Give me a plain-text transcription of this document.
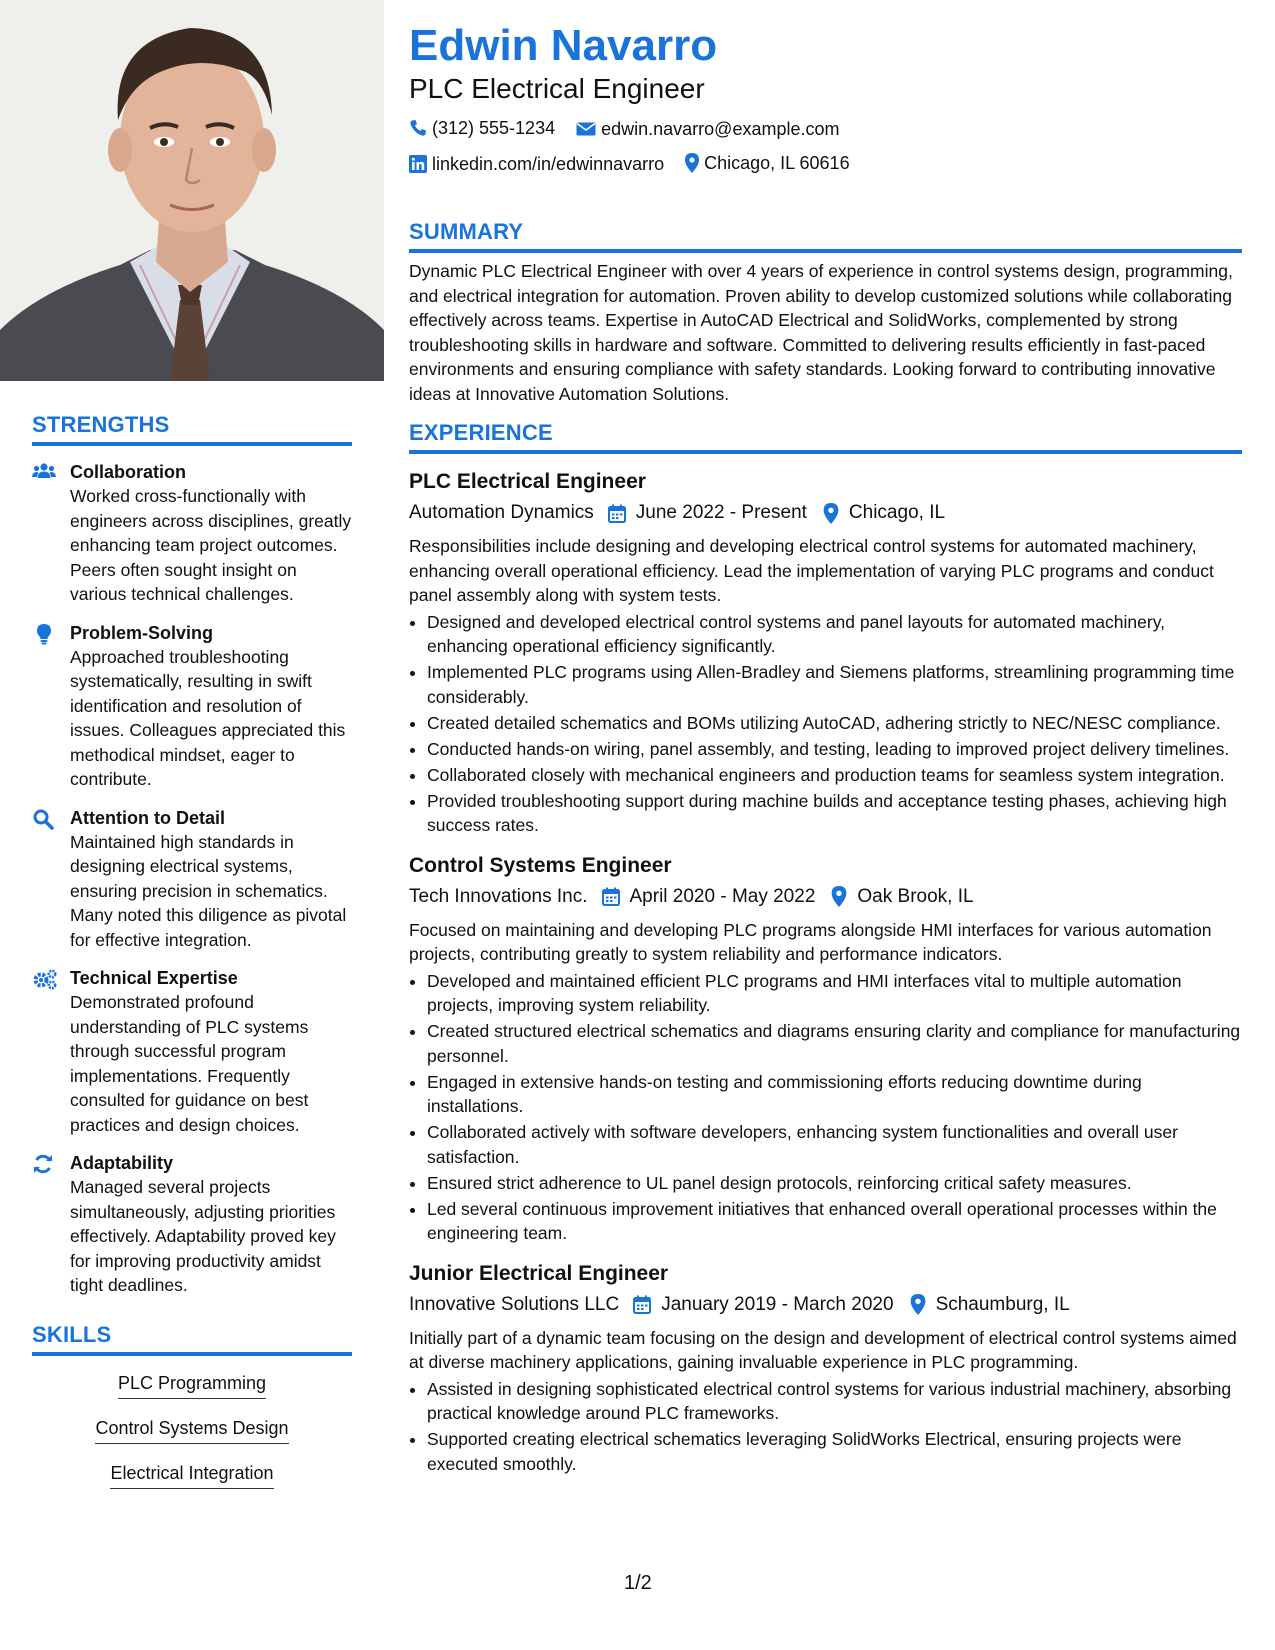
STRENGTHS
Collaboration
Worked cross-functionally with engineers across disciplines, greatly enhancing team project outcomes. Peers often sought insight on various technical challenges.
Problem-Solving
Approached troubleshooting systematically, resulting in swift identification and resolution of issues. Colleagues appreciated this methodical mindset, eager to contribute.
Attention to Detail
Maintained high standards in designing electrical systems, ensuring precision in schematics. Many noted this diligence as pivotal for effective integration.
Technical Expertise
Demonstrated profound understanding of PLC systems through successful program implementations. Frequently consulted for guidance on best practices and design choices.
Adaptability
Managed several projects simultaneously, adjusting priorities effectively. Adaptability proved key for improving productivity amidst tight deadlines.
SKILLS
PLC Programming
Control Systems Design
Electrical Integration
Edwin Navarro
PLC Electrical Engineer
(312) 555-1234
	edwin.navarro@example.com
linkedin.com/in/edwinnavarro
Chicago, IL 60616
SUMMARY

Dynamic PLC Electrical Engineer with over 4 years of experience in control systems design, programming, and electrical integration for automation. Proven ability to develop customized solutions while collaborating effectively across teams. Expertise in AutoCAD Electrical and SolidWorks, complemented by strong troubleshooting skills in hardware and software. Committed to delivering results efficiently in fast-paced environments and ensuring compliance with safety standards. Looking forward to contributing innovative ideas at Innovative Automation Solutions.

EXPERIENCE
PLC Electrical Engineer
Automation Dynamics June 2022 - Present Chicago, IL

Responsibilities include designing and developing electrical control systems for automated machinery, enhancing overall operational efficiency. Lead the implementation of varying PLC programs and conduct panel assembly along with system tests.

• Designed and developed electrical control systems and panel layouts for automated machinery, enhancing operational efficiency significantly.
• Implemented PLC programs using Allen-Bradley and Siemens platforms, streamlining programming time considerably.
• Created detailed schematics and BOMs utilizing AutoCAD, adhering strictly to NEC/NESC compliance.
• Conducted hands-on wiring, panel assembly, and testing, leading to improved project delivery timelines.
• Collaborated closely with mechanical engineers and production teams for seamless system integration.
• Provided troubleshooting support during machine builds and acceptance testing phases, achieving high success rates.
Control Systems Engineer
Tech Innovations Inc. April 2020 - May 2022 Oak Brook, IL

Focused on maintaining and developing PLC programs alongside HMI interfaces for various automation projects, contributing greatly to system reliability and performance indicators.

• Developed and maintained efficient PLC programs and HMI interfaces vital to multiple automation projects, improving system reliability.
• Created structured electrical schematics and diagrams ensuring clarity and compliance for manufacturing personnel.
• Engaged in extensive hands-on testing and commissioning efforts reducing downtime during installations.
• Collaborated actively with software developers, enhancing system functionalities and overall user satisfaction.
• Ensured strict adherence to UL panel design protocols, reinforcing critical safety measures.
• Led several continuous improvement initiatives that enhanced overall operational processes within the engineering team.
Junior Electrical Engineer
Innovative Solutions LLC January 2019 - March 2020 Schaumburg, IL

Initially part of a dynamic team focusing on the design and development of electrical control systems aimed at diverse machinery applications, gaining invaluable experience in PLC programming.

• Assisted in designing sophisticated electrical control systems for various industrial machinery, absorbing practical knowledge around PLC frameworks.
• Supported creating electrical schematics leveraging SolidWorks Electrical, ensuring projects were executed smoothly.
1/2
